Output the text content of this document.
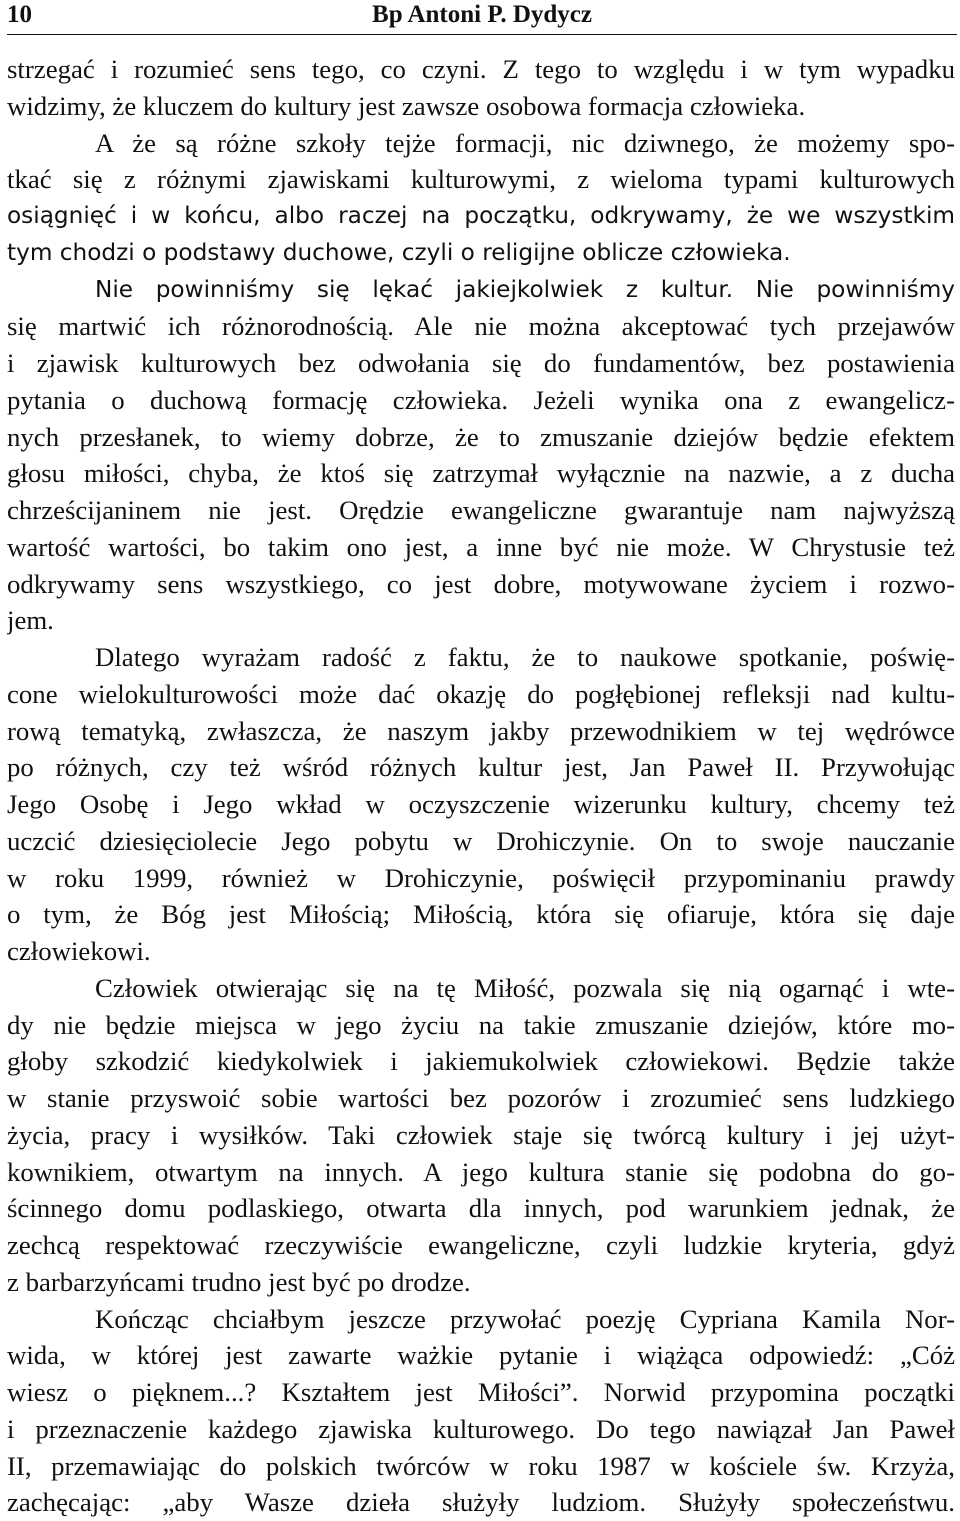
10	Bp Antoni P. Dydycz
strzegać i rozumieć sens tego, co czyni. Z tego to względu i w tym wypadku
widzimy, że kluczem do kultury jest zawsze osobowa formacja człowieka.
A że są różne szkoły tejże formacji, nic dziwnego, że możemy spo-
tkać się z różnymi zjawiskami kulturowymi, z wieloma typami kulturowych
osiągnięć i w końcu, albo raczej na początku, odkrywamy, że we wszystkim
tym chodzi o podstawy duchowe, czyli o religijne oblicze człowieka.
Nie powinniśmy się lękać jakiejkolwiek z kultur. Nie powinniśmy
się martwić ich różnorodnością. Ale nie można akceptować tych przejawów
i zjawisk kulturowych bez odwołania się do fundamentów, bez postawienia
pytania o duchową formację człowieka. Jeżeli wynika ona z ewangelicz-
nych przesłanek, to wiemy dobrze, że to zmuszanie dziejów będzie efektem
głosu miłości, chyba, że ktoś się zatrzymał wyłącznie na nazwie, a z ducha
chrześcijaninem nie jest. Orędzie ewangeliczne gwarantuje nam najwyższą
wartość wartości, bo takim ono jest, a inne być nie może. W Chrystusie też
odkrywamy sens wszystkiego, co jest dobre, motywowane życiem i rozwo-
jem.
Dlatego wyrażam radość z faktu, że to naukowe spotkanie, poświę-
cone wielokulturowości może dać okazję do pogłębionej refleksji nad kultu-
rową tematyką, zwłaszcza, że naszym jakby przewodnikiem w tej wędrówce
po różnych, czy też wśród różnych kultur jest, Jan Paweł II. Przywołując
Jego Osobę i Jego wkład w oczyszczenie wizerunku kultury, chcemy też
uczcić dziesięciolecie Jego pobytu w Drohiczynie. On to swoje nauczanie
w roku 1999, również w Drohiczynie, poświęcił przypominaniu prawdy
o tym, że Bóg jest Miłością; Miłością, która się ofiaruje, która się daje
człowiekowi.
Człowiek otwierając się na tę Miłość, pozwala się nią ogarnąć i wte-
dy nie będzie miejsca w jego życiu na takie zmuszanie dziejów, które mo-
głoby szkodzić kiedykolwiek i jakiemukolwiek człowiekowi. Będzie także
w stanie przyswoić sobie wartości bez pozorów i zrozumieć sens ludzkiego
życia, pracy i wysiłków. Taki człowiek staje się twórcą kultury i jej użyt-
kownikiem, otwartym na innych. A jego kultura stanie się podobna do go-
ścinnego domu podlaskiego, otwarta dla innych, pod warunkiem jednak, że
zechcą respektować rzeczywiście ewangeliczne, czyli ludzkie kryteria, gdyż
z barbarzyńcami trudno jest być po drodze.
Kończąc chciałbym jeszcze przywołać poezję Cypriana Kamila Nor-
wida, w której jest zawarte ważkie pytanie i wiążąca odpowiedź: „Cóż
wiesz o pięknem...? Kształtem jest Miłości”. Norwid przypomina początki
i przeznaczenie każdego zjawiska kulturowego. Do tego nawiązał Jan Paweł
II, przemawiając do polskich twórców w roku 1987 w kościele św. Krzyża,
zachęcając: „aby Wasze dzieła służyły ludziom. Służyły społeczeństwu.
